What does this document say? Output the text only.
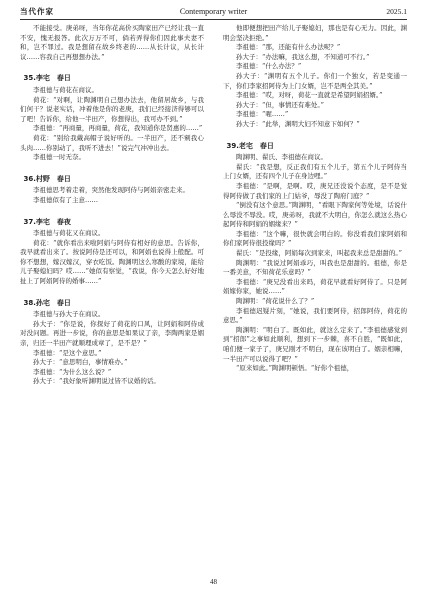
当代作家	Contemporary writer	2025.1

不能接受。庚弟呀，当年你花高价买陶家田产已经让我一直不安，愧无报答。此次万万不可，倘若弄得你们因此事夫妻不和，岂不罪过。我是想留在故乡终老的……从长计议，从长计议……容我自己再想想办法。”

35.李宅　春日

李祖德与荷花在商议。

荷花：“对啊，让陶渊明自己想办法去，他留居故乡，与我们何干？说老实话，冲着他是你的老庚，我们已经接济得够可以了吧！告诉你，给他一半田产，你想得出，我可办不到。”

李祖德：“再商量，再商量，荷花，我知道你是贤惠的……”

荷花：“别给我戴高帽子说好听的。一半田产，还不剜我心头肉……你别动了，我听不进去！”说完气冲冲出去。

李祖德一时无奈。

36.村野　春日

李祖德思考着走着，突然他发现阿侍与阿娟亲密走来。

李祖德似有了主意……

37.李宅　春夜

李祖德与荷花又在商议。

荷花：“就你看出来啦阿娟与阿侍有相好的意思。告诉你，我早就看出来了。按说阿侍是还可以，和阿娟也说得上般配。可你不想想，嫁汉嫁汉，穿衣吃饭。陶渊明这么寒酸的家境，能给儿子娶媳妇吗？哎……”她似有察觉，“我说，你今天怎么好好地扯上了阿娟阿侍的婚事……”

38.孙宅　春日

李祖德与孙大子在商议。

孙大子：“你是说，你探好了荷花的口风，让阿娟和阿侍成对没问题。再进一步说，你的意思是如果议了亲，李陶两家是姻亲，归还一半田产就顺理成章了，是不是？”

李祖德：“是这个意思。”

孙大子：“意思明白，事情难办。”

李祖德：“为什么这么说？”

孙大子：“我好象听渊明说过皆不议婚的话。

他即便想把田产给儿子娶媳妇，那也是有心无力。因此，渊明会坚决拒绝。”

李祖德：“那，还能有什么办法呢？”

孙大子：“办法嘛，我这么想，不知道可不行。”

李祖德：“什么办法？”

孙大子：“渊明有五个儿子。你们一个独女，若是变通一下，你们李家招阿侍为上门女婿，岂不是两全其美。”

李祖德：“哎，对呀，荷花一直就是希望阿娟招婿。”

孙大子：“但，事情还有难处。”

李祖德：“喔……”

孙大子：“此举，渊明大妇不知意下如何？”

39.老宅　春日

陶渊明、翟氏、李祖德在商议。

翟氏：“我是想，反正我们有五个儿子，第五个儿子阿侍当上门女婿，还有四个儿子在身边哩。”

李祖德：“是啊，是啊。哎，庚兄还没说个态度，是不是觉得阿侍做了我们家的上门姑爷，辱没了陶府门庭？”

“倒没有这个意思。”陶渊明，“看眼下陶家何等处境，话说什么辱没不辱没。哎，庚弟呀，我就不大明白，你怎么就这么热心起阿侍和阿娟的姻缘来？”

李祖德：“这个嘛，很快就会明白的。你没看我们家阿娟和你们家阿侍很投缘吗？”

翟氏：“是投缘，阿娟每次到家来，叫起我来总是甜甜的。”

陶渊明：“我说过阿娟乖巧，叫我也是甜甜的。祖德，你是一番美意，不知荷花乐意吗？”

李祖德：“庚兄没看出来吗，荷花早就看好阿侍了。只是阿娟嫁你家，她说……”

陶渊明：“荷花说什么了？”

李祖德迟疑片刻，“她说，我们要阿侍，招郎阿侍，荷花的意思。”

陶渊明：“明白了。既如此，就这么定来了。”李祖德感觉到到“招郎”之事如此顺利，想到下一步棘，喜不自胜，“既如此，咱们便一家子了，庚兄刚才不明白，现在该明白了。姻亲相嘛，一半田产可以说得了吧？”

“原来如此。”陶渊明顿悟。“好你个祖德，

48
